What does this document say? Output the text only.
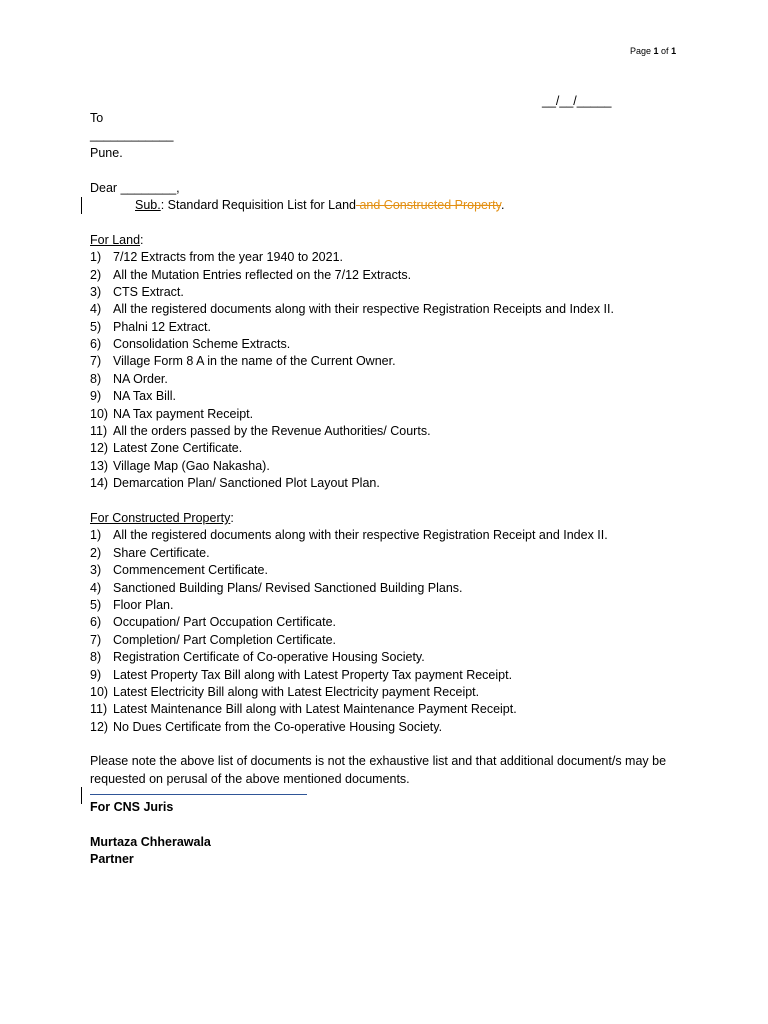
Page 1 of 1
__/__/_____
To
____________
Pune.
Dear ________,
Sub.: Standard Requisition List for Land and Constructed Property.
For Land:
1) 7/12 Extracts from the year 1940 to 2021.
2) All the Mutation Entries reflected on the 7/12 Extracts.
3) CTS Extract.
4) All the registered documents along with their respective Registration Receipts and Index II.
5) Phalni 12 Extract.
6) Consolidation Scheme Extracts.
7) Village Form 8 A in the name of the Current Owner.
8) NA Order.
9) NA Tax Bill.
10) NA Tax payment Receipt.
11) All the orders passed by the Revenue Authorities/ Courts.
12) Latest Zone Certificate.
13) Village Map (Gao Nakasha).
14) Demarcation Plan/ Sanctioned Plot Layout Plan.
For Constructed Property:
1) All the registered documents along with their respective Registration Receipt and Index II.
2) Share Certificate.
3) Commencement Certificate.
4) Sanctioned Building Plans/ Revised Sanctioned Building Plans.
5) Floor Plan.
6) Occupation/ Part Occupation Certificate.
7) Completion/ Part Completion Certificate.
8) Registration Certificate of Co-operative Housing Society.
9) Latest Property Tax Bill along with Latest Property Tax payment Receipt.
10) Latest Electricity Bill along with Latest Electricity payment Receipt.
11) Latest Maintenance Bill along with Latest Maintenance Payment Receipt.
12) No Dues Certificate from the Co-operative Housing Society.
Please note the above list of documents is not the exhaustive list and that additional document/s may be requested on perusal of the above mentioned documents.
For CNS Juris
Murtaza Chherawala
Partner
